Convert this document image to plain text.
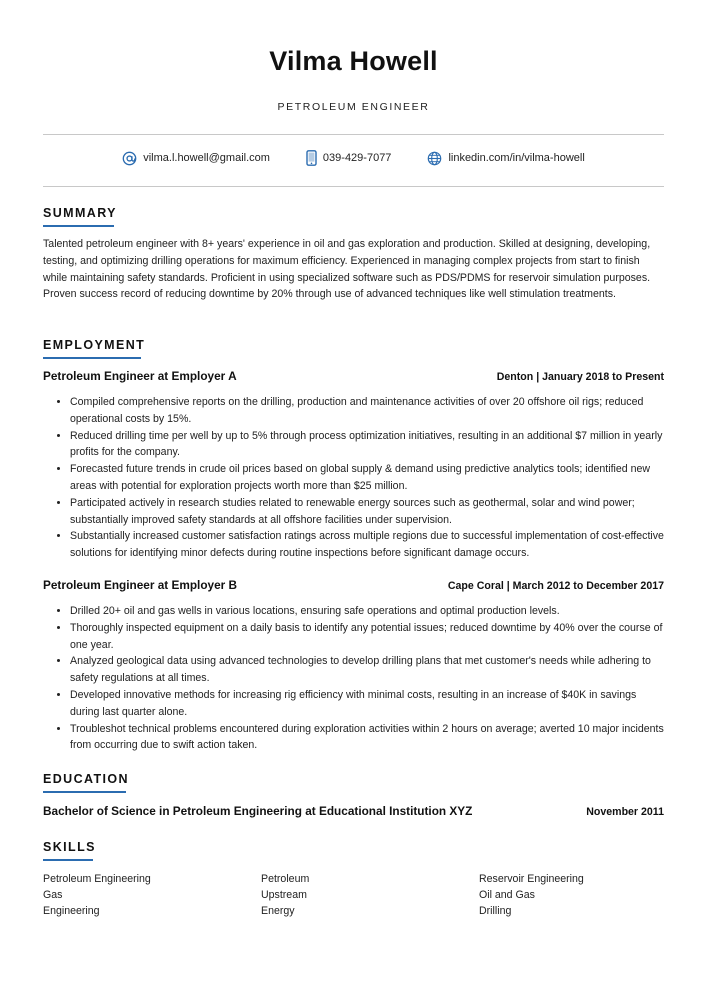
Vilma Howell
PETROLEUM ENGINEER
vilma.l.howell@gmail.com	039-429-7077	linkedin.com/in/vilma-howell
SUMMARY
Talented petroleum engineer with 8+ years' experience in oil and gas exploration and production. Skilled at designing, developing, testing, and optimizing drilling operations for maximum efficiency. Experienced in managing complex projects from start to finish while maintaining safety standards. Proficient in using specialized software such as PDS/PDMS for reservoir simulation purposes. Proven success record of reducing downtime by 20% through use of advanced techniques like well stimulation treatments.
EMPLOYMENT
Petroleum Engineer at Employer A	Denton | January 2018 to Present
• Compiled comprehensive reports on the drilling, production and maintenance activities of over 20 offshore oil rigs; reduced operational costs by 15%.
• Reduced drilling time per well by up to 5% through process optimization initiatives, resulting in an additional $7 million in yearly profits for the company.
• Forecasted future trends in crude oil prices based on global supply & demand using predictive analytics tools; identified new areas with potential for exploration projects worth more than $25 million.
• Participated actively in research studies related to renewable energy sources such as geothermal, solar and wind power; substantially improved safety standards at all offshore facilities under supervision.
• Substantially increased customer satisfaction ratings across multiple regions due to successful implementation of cost-effective solutions for identifying minor defects during routine inspections before significant damage occurs.
Petroleum Engineer at Employer B	Cape Coral | March 2012 to December 2017
• Drilled 20+ oil and gas wells in various locations, ensuring safe operations and optimal production levels.
• Thoroughly inspected equipment on a daily basis to identify any potential issues; reduced downtime by 40% over the course of one year.
• Analyzed geological data using advanced technologies to develop drilling plans that met customer's needs while adhering to safety regulations at all times.
• Developed innovative methods for increasing rig efficiency with minimal costs, resulting in an increase of $40K in savings during last quarter alone.
• Troubleshot technical problems encountered during exploration activities within 2 hours on average; averted 10 major incidents from occurring due to swift action taken.
EDUCATION
Bachelor of Science in Petroleum Engineering at Educational Institution XYZ	November 2011
SKILLS
Petroleum Engineering	Petroleum	Reservoir Engineering
Gas	Upstream	Oil and Gas
Engineering	Energy	Drilling
